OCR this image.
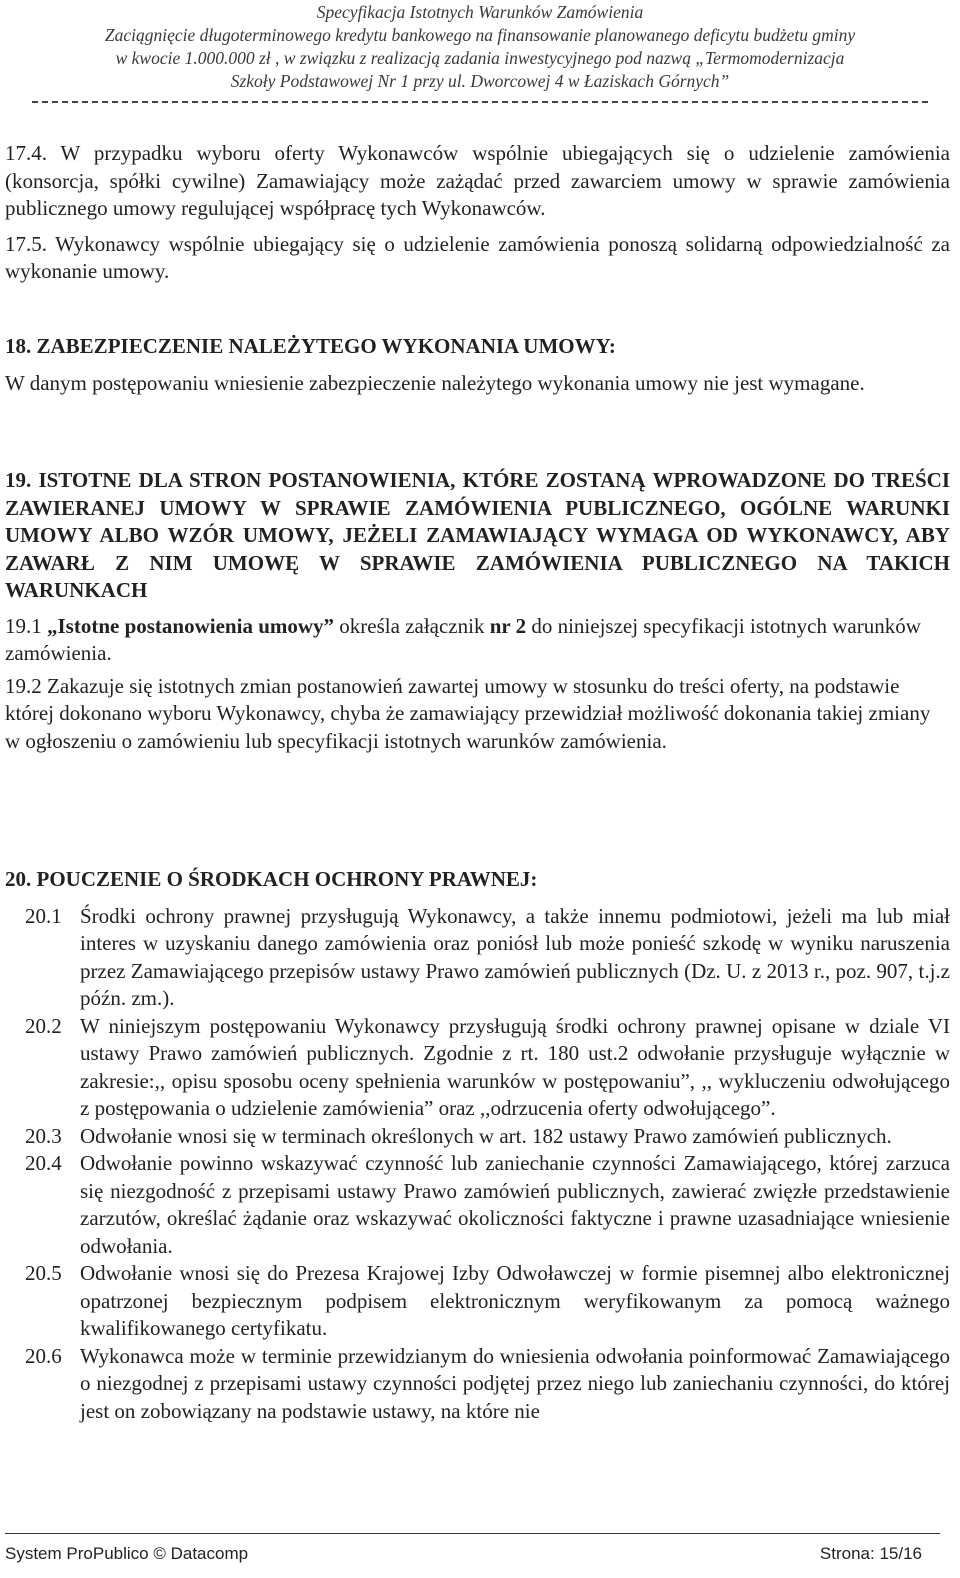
Specyfikacja Istotnych Warunków Zamówienia
Zaciągnięcie długoterminowego kredytu bankowego na finansowanie planowanego deficytu budżetu gminy
w kwocie 1.000.000 zł , w związku z realizacją zadania inwestycyjnego pod nazwą „Termomodernizacja
Szkoły Podstawowej Nr 1 przy ul. Dworcowej 4 w Łaziskach Górnych”

17.4. W przypadku wyboru oferty Wykonawców wspólnie ubiegających się o udzielenie zamówienia (konsorcja, spółki cywilne) Zamawiający może zażądać przed zawarciem umowy w sprawie zamówienia publicznego umowy regulującej współpracę tych Wykonawców.

17.5. Wykonawcy wspólnie ubiegający się o udzielenie zamówienia ponoszą solidarną odpowiedzialność za wykonanie umowy.

18. ZABEZPIECZENIE NALEŻYTEGO WYKONANIA UMOWY:

W danym postępowaniu wniesienie zabezpieczenie należytego wykonania umowy nie jest wymagane.

19. ISTOTNE DLA STRON POSTANOWIENIA, KTÓRE ZOSTANĄ WPROWADZONE DO TREŚCI ZAWIERANEJ UMOWY W SPRAWIE ZAMÓWIENIA PUBLICZNEGO, OGÓLNE WARUNKI UMOWY ALBO WZÓR UMOWY, JEŻELI ZAMAWIAJĄCY WYMAGA OD WYKONAWCY, ABY ZAWARŁ Z NIM UMOWĘ W SPRAWIE ZAMÓWIENIA PUBLICZNEGO NA TAKICH WARUNKACH

19.1 „Istotne postanowienia umowy” określa załącznik nr 2 do niniejszej specyfikacji istotnych warunków zamówienia.

19.2 Zakazuje się istotnych zmian postanowień zawartej umowy w stosunku do treści oferty, na podstawie której dokonano wyboru Wykonawcy, chyba że zamawiający przewidział możliwość dokonania takiej zmiany w ogłoszeniu o zamówieniu lub specyfikacji istotnych warunków zamówienia.

20. POUCZENIE O ŚRODKACH OCHRONY PRAWNEJ:

20.1 Środki ochrony prawnej przysługują Wykonawcy, a także innemu podmiotowi, jeżeli ma lub miał interes w uzyskaniu danego zamówienia oraz poniósł lub może ponieść szkodę w wyniku naruszenia przez Zamawiającego przepisów ustawy Prawo zamówień publicznych (Dz. U. z 2013 r., poz. 907, t.j.z późn. zm.).
20.2 W niniejszym postępowaniu Wykonawcy przysługują środki ochrony prawnej opisane w dziale VI ustawy Prawo zamówień publicznych. Zgodnie z rt. 180 ust.2 odwołanie przysługuje wyłącznie w zakresie:,, opisu sposobu oceny spełnienia warunków w postępowaniu”, ,, wykluczeniu odwołującego z postępowania o udzielenie zamówienia” oraz ,,odrzucenia oferty odwołującego”.
20.3 Odwołanie wnosi się w terminach określonych w art. 182 ustawy Prawo zamówień publicznych.
20.4 Odwołanie powinno wskazywać czynność lub zaniechanie czynności Zamawiającego, której zarzuca się niezgodność z przepisami ustawy Prawo zamówień publicznych, zawierać zwięzłe przedstawienie zarzutów, określać żądanie oraz wskazywać okoliczności faktyczne i prawne uzasadniające wniesienie odwołania.
20.5 Odwołanie wnosi się do Prezesa Krajowej Izby Odwoławczej w formie pisemnej albo elektronicznej opatrzonej bezpiecznym podpisem elektronicznym weryfikowanym za pomocą ważnego kwalifikowanego certyfikatu.
20.6 Wykonawca może w terminie przewidzianym do wniesienia odwołania poinformować Zamawiającego o niezgodnej z przepisami ustawy czynności podjętej przez niego lub zaniechaniu czynności, do której jest on zobowiązany na podstawie ustawy, na które nie
System ProPublico © Datacomp	Strona: 15/16
